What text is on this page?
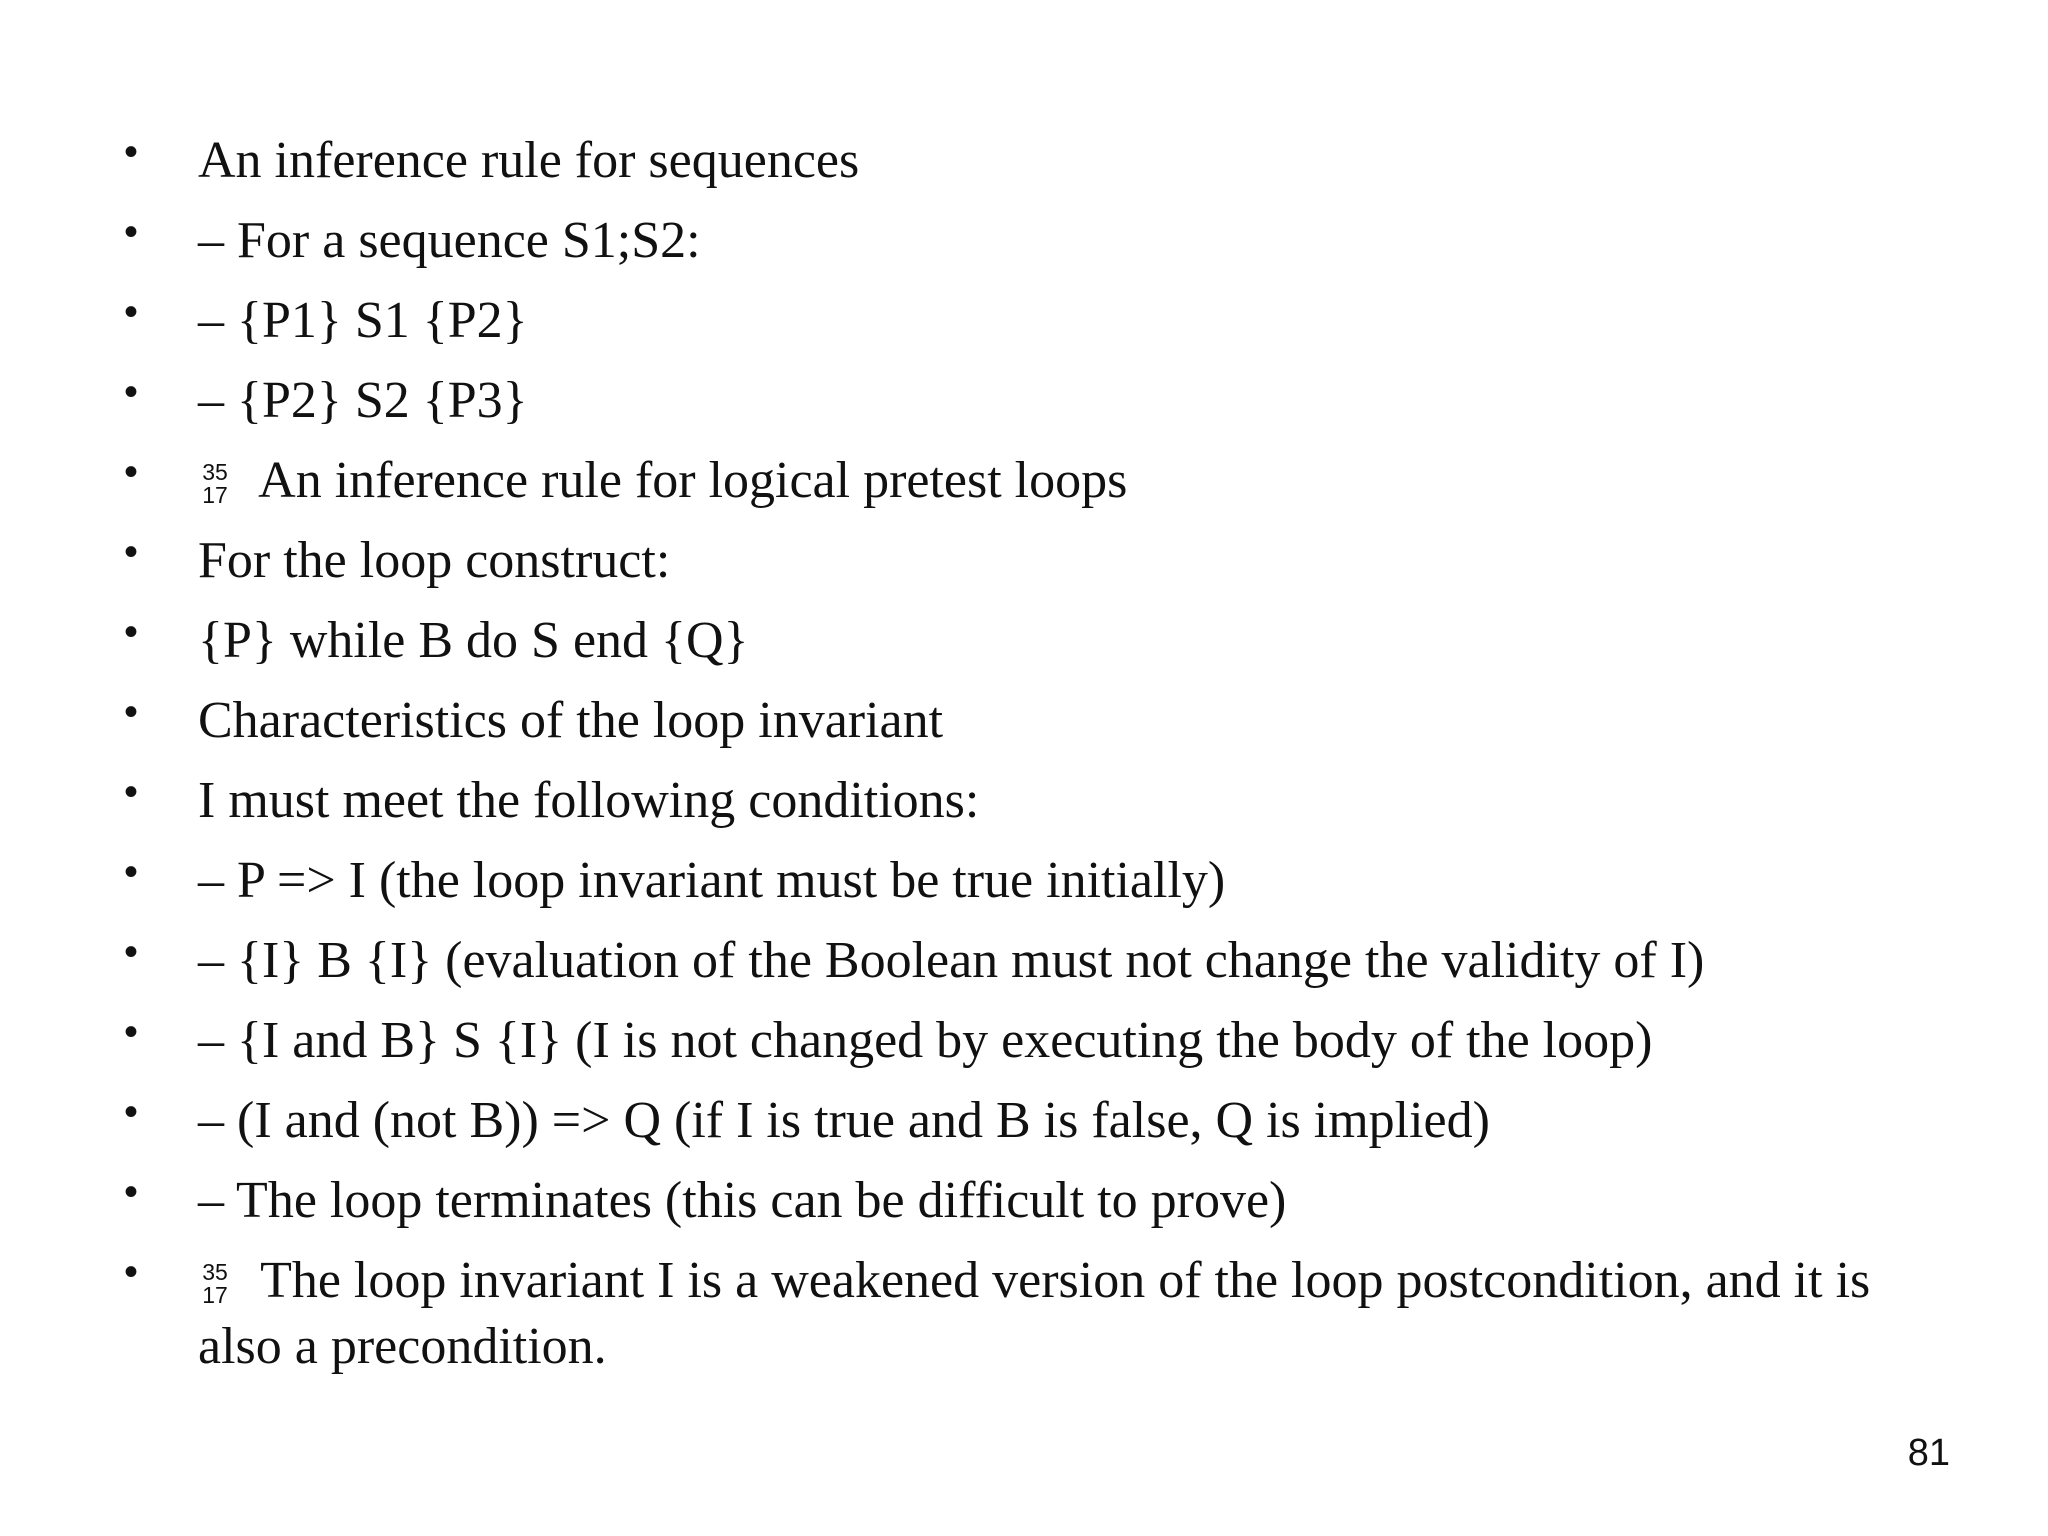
• An inference rule for sequences
• – For a sequence S1;S2:
• – {P1} S1 {P2}
• – {P2} S2 {P3}
•	35
17 An inference rule for logical pretest loops
• For the loop construct:
• {P} while B do S end {Q}
• Characteristics of the loop invariant
• I must meet the following conditions:
• – P => I (the loop invariant must be true initially)
• – {I} B {I} (evaluation of the Boolean must not change the validity of I)
• – {I and B} S {I} (I is not changed by executing the body of the loop)
• – (I and (not B)) => Q (if I is true and B is false, Q is implied)
• – The loop terminates (this can be difficult to prove)
•	35
17 The loop invariant I is a weakened version of the loop postcondition, and it is also a precondition.
81
